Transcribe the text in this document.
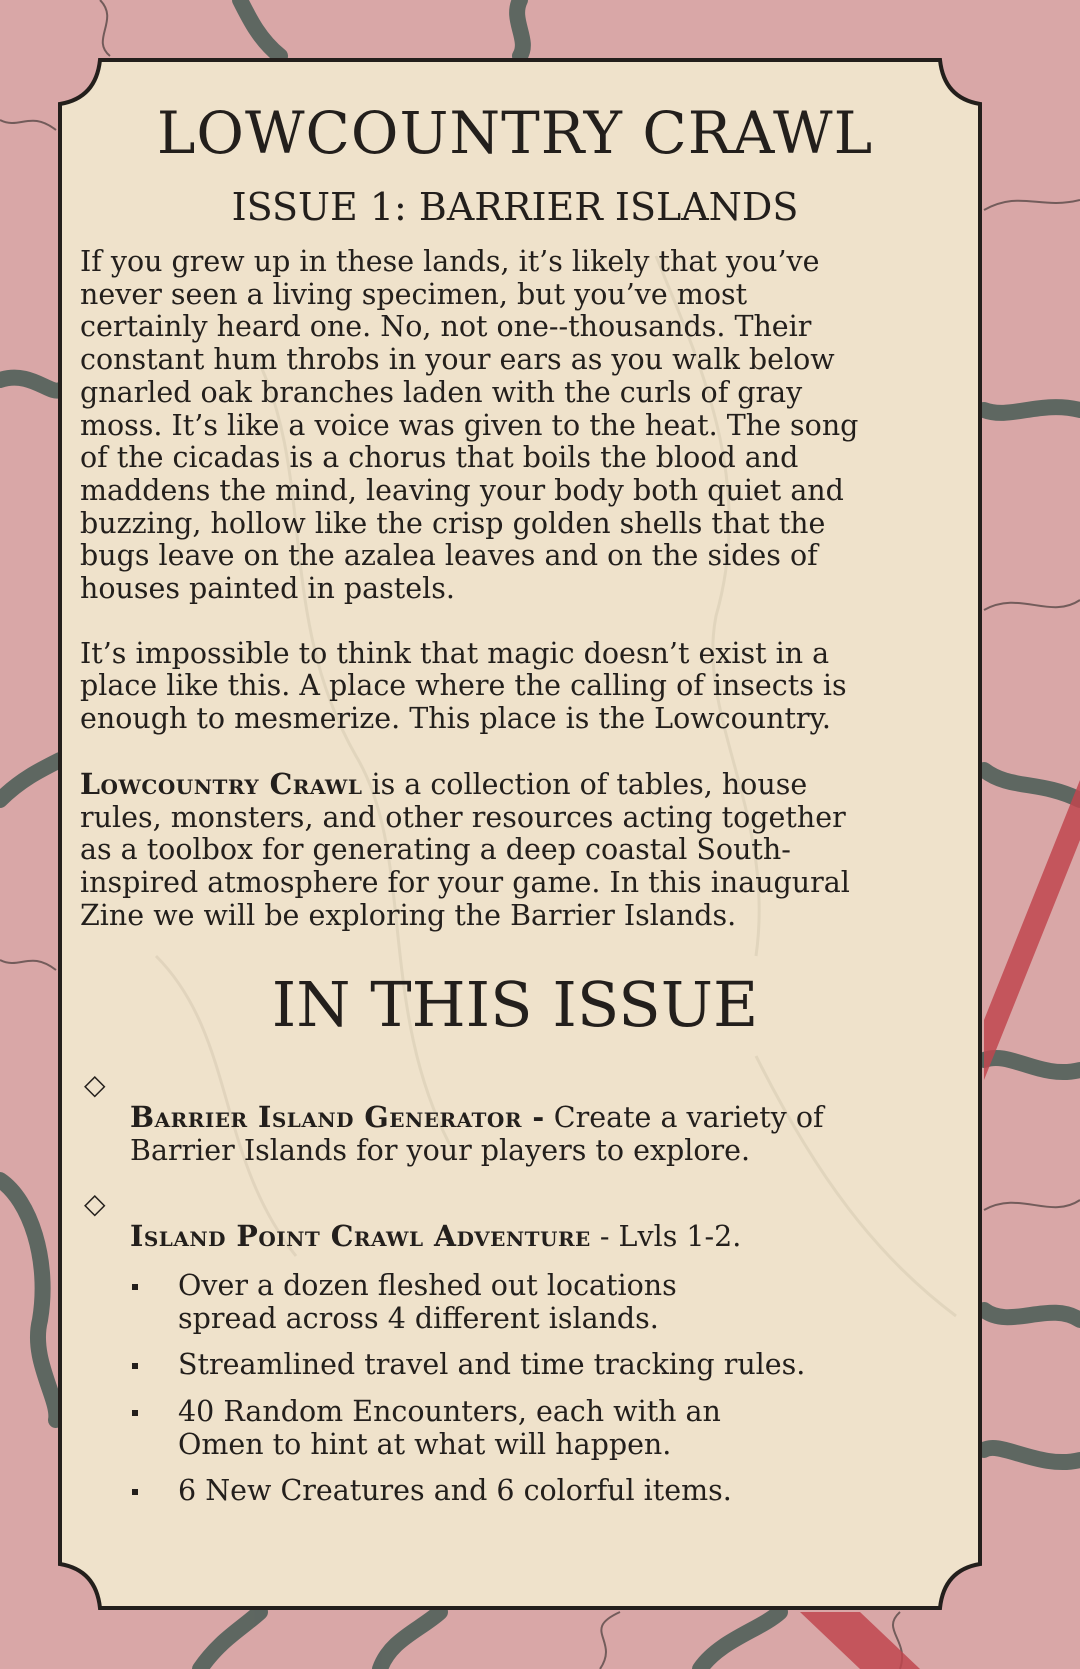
LOWCOUNTRY CRAWL
ISSUE 1: BARRIER ISLANDS

If you grew up in these lands, it’s likely that you’ve
never seen a living specimen, but you’ve most
certainly heard one. No, not one--thousands. Their
constant hum throbs in your ears as you walk below
gnarled oak branches laden with the curls of gray
moss. It’s like a voice was given to the heat. The song
of the cicadas is a chorus that boils the blood and
maddens the mind, leaving your body both quiet and
buzzing, hollow like the crisp golden shells that the
bugs leave on the azalea leaves and on the sides of
houses painted in pastels.

It’s impossible to think that magic doesn’t exist in a
place like this. A place where the calling of insects is
enough to mesmerize. This place is the Lowcountry.

Lowcountry Crawl is a collection of tables, house
rules, monsters, and other resources acting together
as a toolbox for generating a deep coastal South-
inspired atmosphere for your game. In this inaugural
Zine we will be exploring the Barrier Islands.

IN THIS ISSUE

◇
Barrier Island Generator - Create a variety of
Barrier Islands for your players to explore.

◇
Island Point Crawl Adventure - Lvls 1-2.

Over a dozen fleshed out locations
spread across 4 different islands.
Streamlined travel and time tracking rules.
40 Random Encounters, each with an
Omen to hint at what will happen.
6 New Creatures and 6 colorful items.
